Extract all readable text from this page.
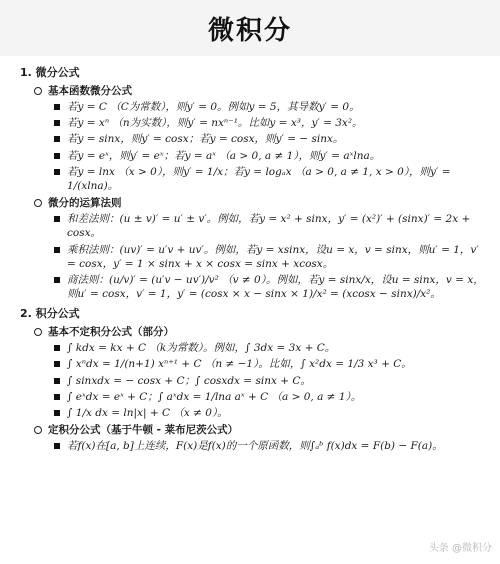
微积分
1. 微分公式
基本函数微分公式
若y = C （C为常数），则y′ = 0。例如y = 5，其导数y′ = 0。
若y = xⁿ （n为实数），则y′ = nxⁿ⁻¹。比如y = x³，y′ = 3x²。
若y = sinx，则y′ = cosx；若y = cosx，则y′ = − sinx。
若y = eˣ，则y′ = eˣ；若y = aˣ （a > 0, a ≠ 1），则y′ = aˣlna。
若y = lnx （x > 0），则y′ = 1/x；若y = logₐx （a > 0, a ≠ 1, x > 0），则y′ = 1/(xlna)。
微分的运算法则
和差法则：(u ± v)′ = u′ ± v′。例如，若y = x² + sinx，y′ = (x²)′ + (sinx)′ = 2x + cosx。
乘积法则：(uv)′ = u′v + uv′。例如，若y = xsinx，设u = x，v = sinx，则u′ = 1，v′ = cosx，y′ = 1 × sinx + x × cosx = sinx + xcosx。
商法则：(u/v)′ = (u′v − uv′)/v² （v ≠ 0）。例如，若y = sinx/x，设u = sinx，v = x，则u′ = cosx，v′ = 1，y′ = (cosx × x − sinx × 1)/x² = (xcosx − sinx)/x²。
2. 积分公式
基本不定积分公式（部分）
∫ kdx = kx + C （k为常数）。例如，∫ 3dx = 3x + C。
∫ xⁿdx = 1/(n+1) xⁿ⁺¹ + C （n ≠ −1）。比如，∫ x²dx = 1/3 x³ + C。
∫ sinxdx = − cosx + C；∫ cosxdx = sinx + C。
∫ eˣdx = eˣ + C；∫ aˣdx = 1/lna aˣ + C （a > 0, a ≠ 1）。
∫ 1/x dx = ln|x| + C （x ≠ 0）。
定积分公式（基于牛顿 - 莱布尼茨公式）
若f(x)在[a, b]上连续，F(x)是f(x)的一个原函数，则∫ₐᵇ f(x)dx = F(b) − F(a)。
头条 @微积分
